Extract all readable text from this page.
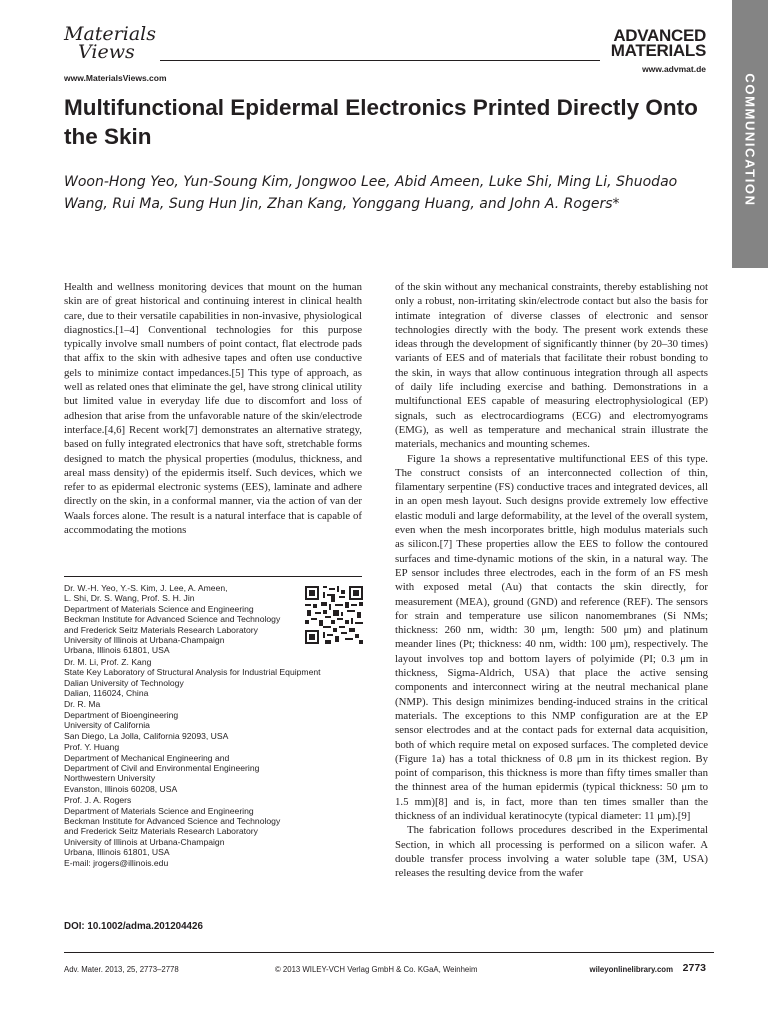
Materials
Views
www.MaterialsViews.com
ADVANCED
MATERIALS
www.advmat.de
COMMUNICATION
Multifunctional Epidermal Electronics Printed Directly Onto the Skin

Woon-Hong Yeo, Yun-Soung Kim, Jongwoo Lee, Abid Ameen, Luke Shi, Ming Li, Shuodao Wang, Rui Ma, Sung Hun Jin, Zhan Kang, Yonggang Huang, and John A. Rogers*

Health and wellness monitoring devices that mount on the human skin are of great historical and continuing interest in clinical health care, due to their versatile capabilities in non-invasive, physiological diagnostics.[1–4] Conventional technologies for this purpose typically involve small numbers of point contact, flat electrode pads that affix to the skin with adhesive tapes and often use conductive gels to minimize contact impedances.[5] This type of approach, as well as related ones that eliminate the gel, have strong clinical utility but limited value in everyday life due to discomfort and loss of adhesion that arise from the unfavorable nature of the skin/electrode interface.[4,6] Recent work[7] demonstrates an alternative strategy, based on fully integrated electronics that have soft, stretchable forms designed to match the physical properties (modulus, thickness, and areal mass density) of the epidermis itself. Such devices, which we refer to as epidermal electronic systems (EES), laminate and adhere directly on the skin, in a conformal manner, via the action of van der Waals forces alone. The result is a natural interface that is capable of accommodating the motions

of the skin without any mechanical constraints, thereby establishing not only a robust, non-irritating skin/electrode contact but also the basis for intimate integration of diverse classes of electronic and sensor technologies directly with the body. The present work extends these ideas through the development of significantly thinner (by 20–30 times) variants of EES and of materials that facilitate their robust bonding to the skin, in ways that allow continuous integration through all aspects of daily life including exercise and bathing. Demonstrations in a multifunctional EES capable of measuring electrophysiological (EP) signals, such as electrocardiograms (ECG) and electromyograms (EMG), as well as temperature and mechanical strain illustrate the materials, mechanics and mounting schemes.

Figure 1a shows a representative multifunctional EES of this type. The construct consists of an interconnected collection of thin, filamentary serpentine (FS) conductive traces and integrated devices, all in an open mesh layout. Such designs provide extremely low effective elastic moduli and large deformability, at the level of the overall system, even when the mesh incorporates brittle, high modulus materials such as silicon.[7] These properties allow the EES to follow the contoured surfaces and time-dynamic motions of the skin, in a natural way. The EP sensor includes three electrodes, each in the form of an FS mesh with exposed metal (Au) that contacts the skin directly, for measurement (MEA), ground (GND) and reference (REF). The sensors for strain and temperature use silicon nanomembranes (Si NMs; thickness: 260 nm, width: 30 μm, length: 500 μm) and platinum meander lines (Pt; thickness: 40 nm, width: 100 μm), respectively. The layout involves top and bottom layers of polyimide (PI; 0.3 μm in thickness, Sigma-Aldrich, USA) that place the active sensing components and interconnect wiring at the neutral mechanical plane (NMP). This design minimizes bending-induced strains in the critical materials. The exceptions to this NMP configuration are at the EP sensor electrodes and at the contact pads for external data acquisition, both of which require metal on exposed surfaces. The completed device (Figure 1a) has a total thickness of 0.8 μm in its thickest region. By point of comparison, this thickness is more than fifty times smaller than the thinnest area of the human epidermis (typical thickness: 50 μm to 1.5 mm)[8] and is, in fact, more than ten times smaller than the thickness of an individual keratinocyte (typical diameter: 11 μm).[9]

The fabrication follows procedures described in the Experimental Section, in which all processing is performed on a silicon wafer. A double transfer process involving a water soluble tape (3M, USA) releases the resulting device from the wafer

Dr. W.-H. Yeo, Y.-S. Kim, J. Lee, A. Ameen,
L. Shi, Dr. S. Wang, Prof. S. H. Jin
Department of Materials Science and Engineering
Beckman Institute for Advanced Science and Technology
and Frederick Seitz Materials Research Laboratory
University of Illinois at Urbana-Champaign
Urbana, Illinois 61801, USA
Dr. M. Li, Prof. Z. Kang
State Key Laboratory of Structural Analysis for Industrial Equipment
Dalian University of Technology
Dalian, 116024, China
Dr. R. Ma
Department of Bioengineering
University of California
San Diego, La Jolla, California 92093, USA
Prof. Y. Huang
Department of Mechanical Engineering and
Department of Civil and Environmental Engineering
Northwestern University
Evanston, Illinois 60208, USA
Prof. J. A. Rogers
Department of Materials Science and Engineering
Beckman Institute for Advanced Science and Technology
and Frederick Seitz Materials Research Laboratory
University of Illinois at Urbana-Champaign
Urbana, Illinois 61801, USA
E-mail: jrogers@illinois.edu
DOI: 10.1002/adma.201204426
Adv. Mater. 2013, 25, 2773–2778	© 2013 WILEY-VCH Verlag GmbH & Co. KGaA, Weinheim	wileyonlinelibrary.com 2773
